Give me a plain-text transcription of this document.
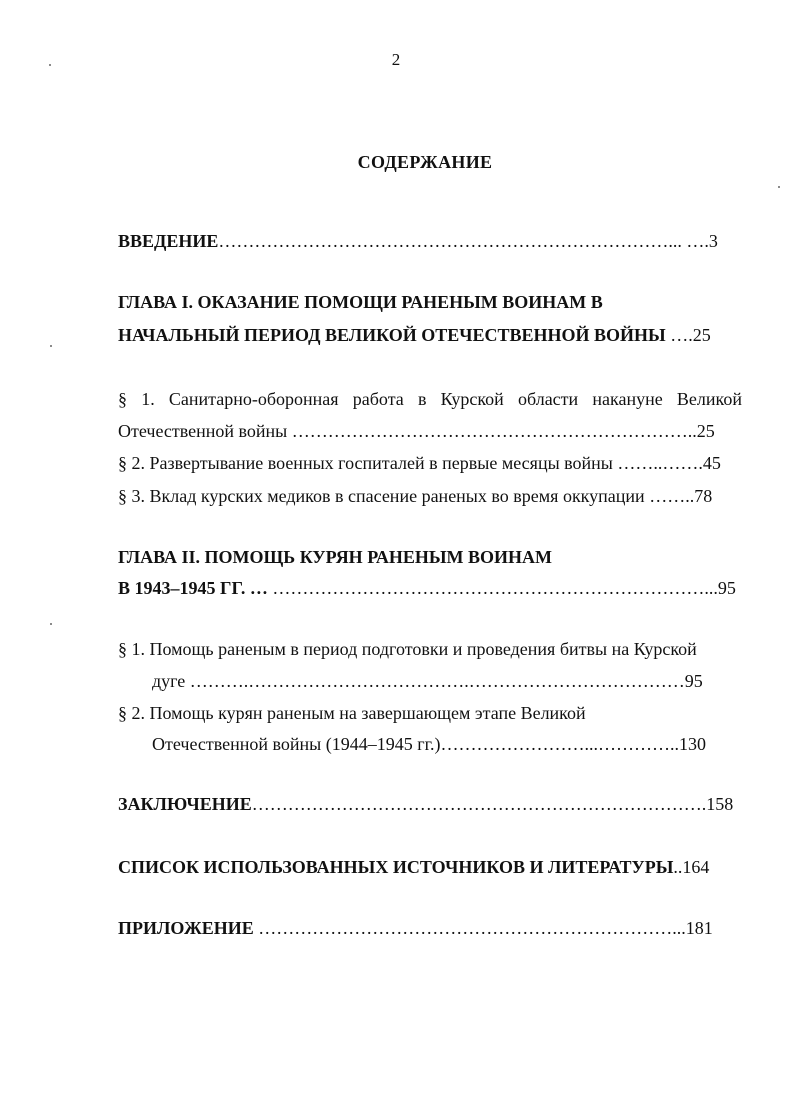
2
СОДЕРЖАНИЕ
ВВЕДЕНИЕ…………………………………………………………………... ….3
ГЛАВА I. ОКАЗАНИЕ ПОМОЩИ РАНЕНЫМ ВОИНАМ В
НАЧАЛЬНЫЙ ПЕРИОД ВЕЛИКОЙ ОТЕЧЕСТВЕННОЙ ВОЙНЫ ….25
§ 1. Санитарно-оборонная работа в Курской области накануне Великой
Отечественной войны …………………………………………………………..25
§ 2. Развертывание военных госпиталей в первые месяцы войны ……..…….45
§ 3. Вклад курских медиков в спасение раненых во время оккупации ……..78
ГЛАВА II. ПОМОЩЬ КУРЯН РАНЕНЫМ ВОИНАМ
В 1943–1945 ГГ. … ………………………………………………………………...95
§ 1. Помощь раненым в период подготовки и проведения битвы на Курской
дуге ……….……………………………….………………………………95
§ 2. Помощь курян раненым на завершающем этапе Великой
Отечественной войны (1944–1945 гг.)……………………...…………..130
ЗАКЛЮЧЕНИЕ………………………………………………………………….158
СПИСОК ИСПОЛЬЗОВАННЫХ ИСТОЧНИКОВ И ЛИТЕРАТУРЫ..164
ПРИЛОЖЕНИЕ ……………………………………………………………...181
